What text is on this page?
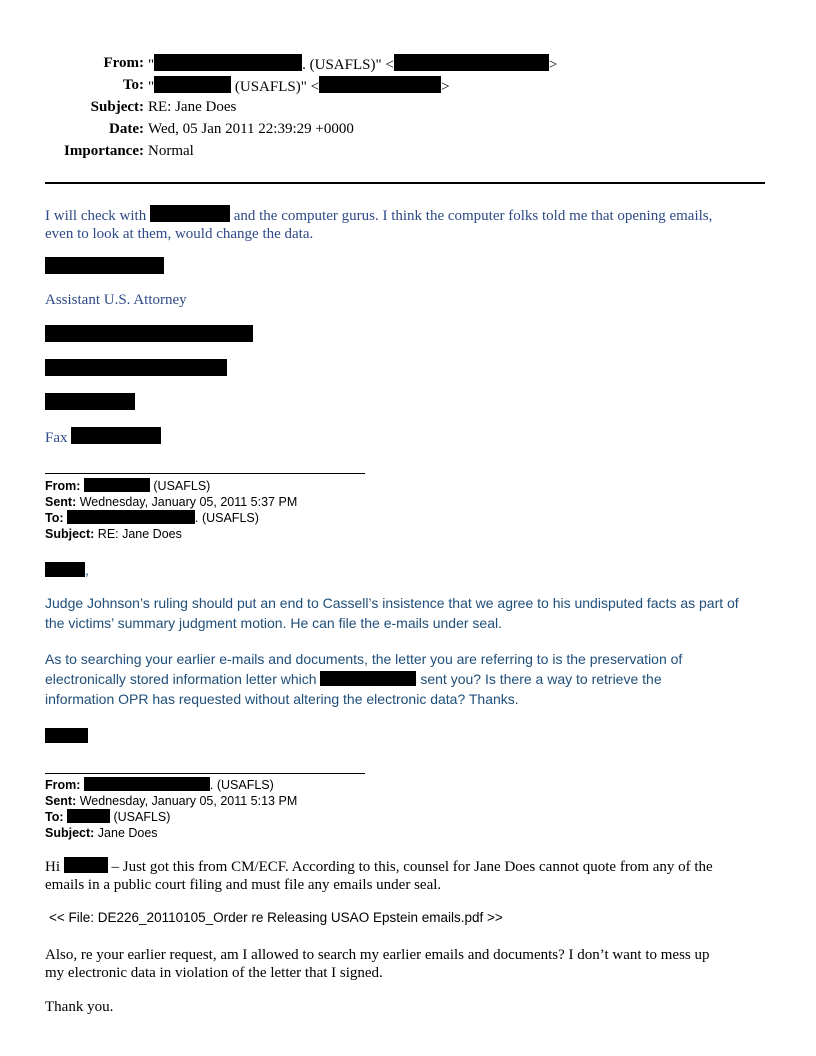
From: "	. (USAFLS)" <	>
To: "	(USAFLS)" <	>
Subject: RE: Jane Does
Date: Wed, 05 Jan 2011 22:39:29 +0000
Importance: Normal
I will check with	and the computer gurus. I think the computer folks told me that opening emails,
even to look at them, would change the data.
Assistant U.S. Attorney
Fax
From:	(USAFLS)
Sent: Wednesday, January 05, 2011 5:37 PM
To:	. (USAFLS)
Subject: RE: Jane Does
,
Judge Johnson’s ruling should put an end to Cassell’s insistence that we agree to his undisputed facts as part of
the victims’ summary judgment motion. He can file the e-mails under seal.
As to searching your earlier e-mails and documents, the letter you are referring to is the preservation of
electronically stored information letter which	sent you? Is there a way to retrieve the
information OPR has requested without altering the electronic data? Thanks.
From:	. (USAFLS)
Sent: Wednesday, January 05, 2011 5:13 PM
To:	(USAFLS)
Subject: Jane Does
Hi	– Just got this from CM/ECF. According to this, counsel for Jane Does cannot quote from any of the
emails in a public court filing and must file any emails under seal.
<< File: DE226_20110105_Order re Releasing USAO Epstein emails.pdf >>
Also, re your earlier request, am I allowed to search my earlier emails and documents? I don’t want to mess up
my electronic data in violation of the letter that I signed.
Thank you.
